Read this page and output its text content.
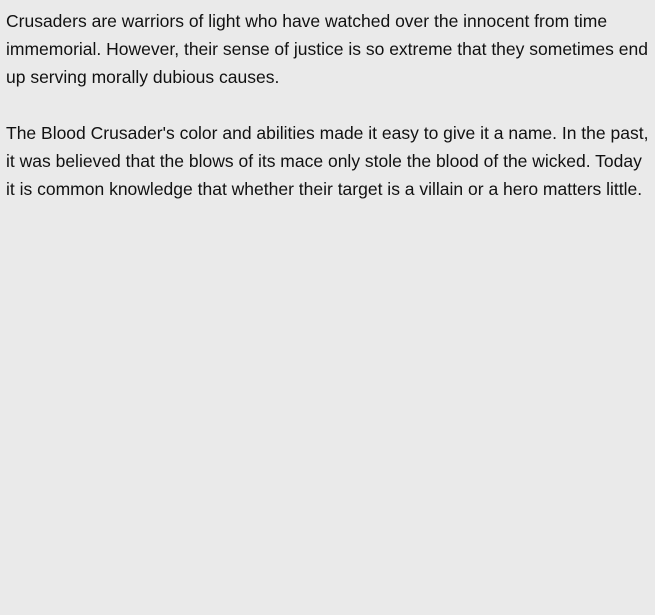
Crusaders are warriors of light who have watched over the innocent from time immemorial. However, their sense of justice is so extreme that they sometimes end up serving morally dubious causes.

The Blood Crusader's color and abilities made it easy to give it a name. In the past, it was believed that the blows of its mace only stole the blood of the wicked. Today it is common knowledge that whether their target is a villain or a hero matters little.
